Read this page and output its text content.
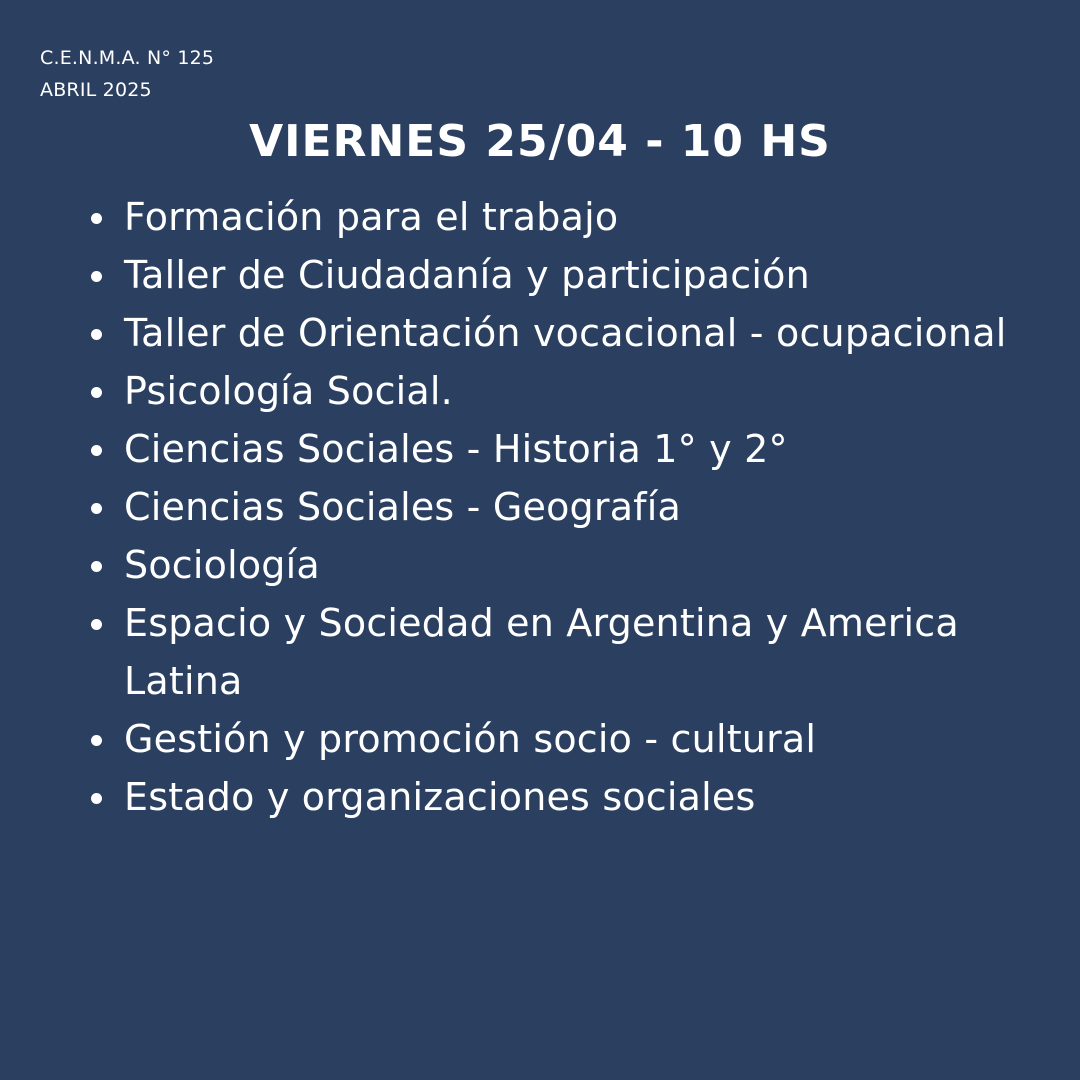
C.E.N.M.A. N° 125
ABRIL 2025
VIERNES 25/04 - 10 HS
Formación para el trabajo
Taller de Ciudadanía y participación
Taller de Orientación vocacional - ocupacional
Psicología Social.
Ciencias Sociales - Historia 1° y 2°
Ciencias Sociales - Geografía
Sociología
Espacio y Sociedad en Argentina y America Latina
Gestión y promoción socio - cultural
Estado y organizaciones sociales
